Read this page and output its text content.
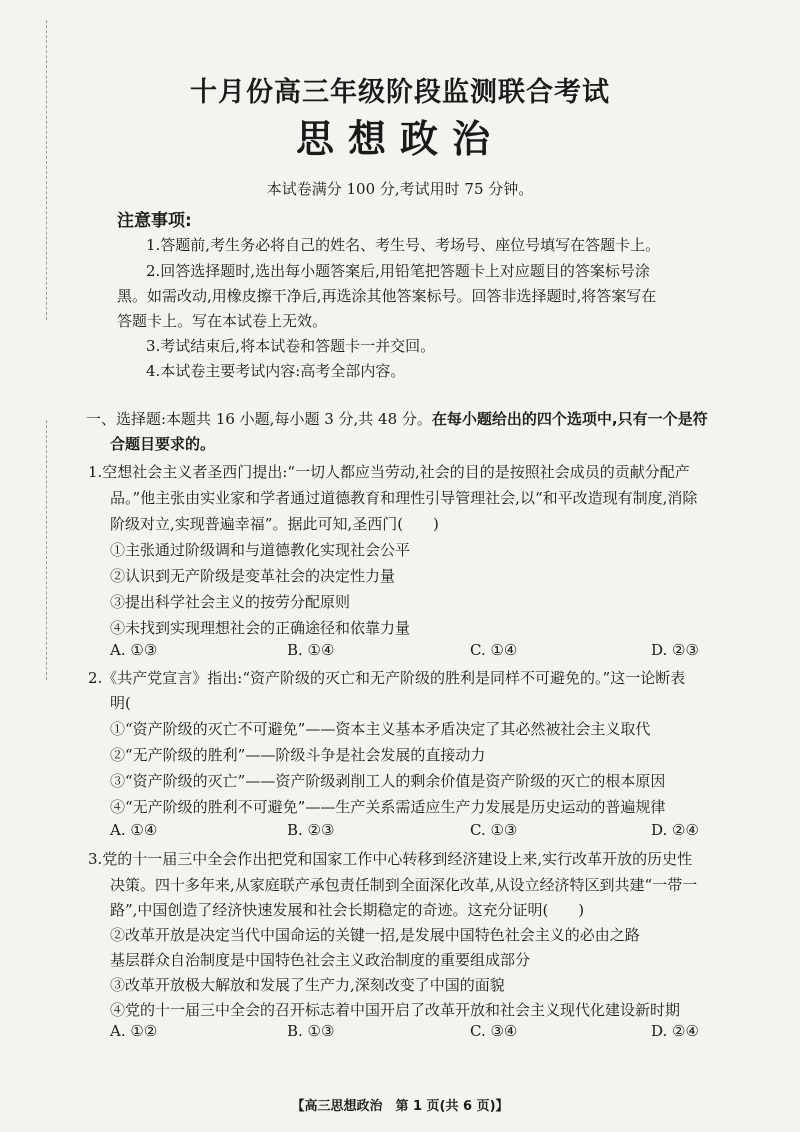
十月份高三年级阶段监测联合考试
思想政治
本试卷满分 100 分,考试用时 75 分钟。
注意事项:
1.答题前,考生务必将自己的姓名、考生号、考场号、座位号填写在答题卡上。
2.回答选择题时,选出每小题答案后,用铅笔把答题卡上对应题目的答案标号涂
黑。如需改动,用橡皮擦干净后,再选涂其他答案标号。回答非选择题时,将答案写在
答题卡上。写在本试卷上无效。
3.考试结束后,将本试卷和答题卡一并交回。
4.本试卷主要考试内容:高考全部内容。
一、选择题:本题共 16 小题,每小题 3 分,共 48 分。在每小题给出的四个选项中,只有一个是符
合题目要求的。
1.空想社会主义者圣西门提出:“一切人都应当劳动,社会的目的是按照社会成员的贡献分配产
品。”他主张由实业家和学者通过道德教育和理性引导管理社会,以“和平改造现有制度,消除
阶级对立,实现普遍幸福”。据此可知,圣西门(　　)
①主张通过阶级调和与道德教化实现社会公平
②认识到无产阶级是变革社会的决定性力量
③提出科学社会主义的按劳分配原则
④未找到实现理想社会的正确途径和依靠力量
A. ①③	B. ①④	C. ①④	D. ②③
2.《共产党宣言》指出:“资产阶级的灭亡和无产阶级的胜利是同样不可避免的。”这一论断表
明(
①“资产阶级的灭亡不可避免”——资本主义基本矛盾决定了其必然被社会主义取代
②“无产阶级的胜利”——阶级斗争是社会发展的直接动力
③“资产阶级的灭亡”——资产阶级剥削工人的剩余价值是资产阶级的灭亡的根本原因
④“无产阶级的胜利不可避免”——生产关系需适应生产力发展是历史运动的普遍规律
A. ①④	B. ②③	C. ①③	D. ②④
3.党的十一届三中全会作出把党和国家工作中心转移到经济建设上来,实行改革开放的历史性
决策。四十多年来,从家庭联产承包责任制到全面深化改革,从设立经济特区到共建“一带一
路”,中国创造了经济快速发展和社会长期稳定的奇迹。这充分证明(　　)
②改革开放是决定当代中国命运的关键一招,是发展中国特色社会主义的必由之路
基层群众自治制度是中国特色社会主义政治制度的重要组成部分
③改革开放极大解放和发展了生产力,深刻改变了中国的面貌
④党的十一届三中全会的召开标志着中国开启了改革开放和社会主义现代化建设新时期
A. ①②	B. ①③	C. ③④	D. ②④
【高三思想政治　第 1 页(共 6 页)】
